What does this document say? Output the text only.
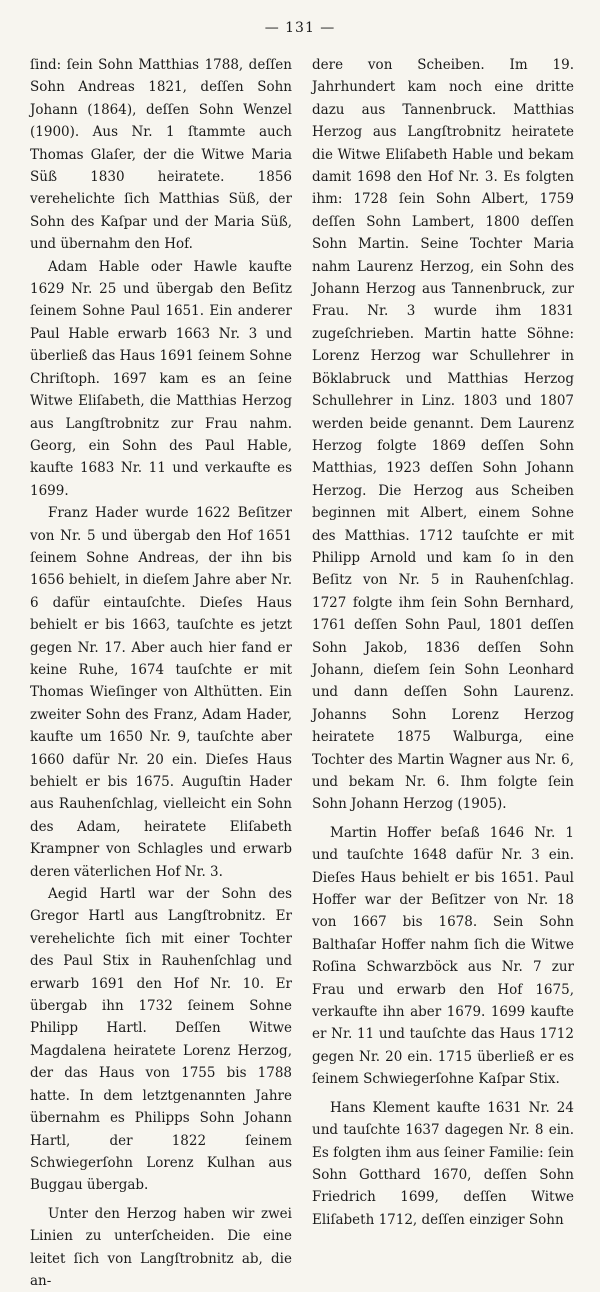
— 131 —

ſind: ſein Sohn Matthias 1788, deſſen Sohn Andreas 1821, deſſen Sohn Johann (1864), deſſen Sohn Wenzel (1900). Aus Nr. 1 ſtammte auch Thomas Glaſer, der die Witwe Maria Süß 1830 heiratete. 1856 verehelichte ſich Matthias Süß, der Sohn des Kaſpar und der Maria Süß, und übernahm den Hof.

Adam Hable oder Hawle kaufte 1629 Nr. 25 und übergab den Beſitz ſeinem Sohne Paul 1651. Ein anderer Paul Hable erwarb 1663 Nr. 3 und überließ das Haus 1691 ſeinem Sohne Chriſtoph. 1697 kam es an ſeine Witwe Eliſabeth, die Matthias Herzog aus Langſtrobnitz zur Frau nahm. Georg, ein Sohn des Paul Hable, kaufte 1683 Nr. 11 und verkaufte es 1699.

Franz Hader wurde 1622 Beſitzer von Nr. 5 und übergab den Hof 1651 ſeinem Sohne Andreas, der ihn bis 1656 behielt, in dieſem Jahre aber Nr. 6 dafür eintauſchte. Dieſes Haus behielt er bis 1663, tauſchte es jetzt gegen Nr. 17. Aber auch hier fand er keine Ruhe, 1674 tauſchte er mit Thomas Wieſinger von Althütten. Ein zweiter Sohn des Franz, Adam Hader, kaufte um 1650 Nr. 9, tauſchte aber 1660 dafür Nr. 20 ein. Dieſes Haus behielt er bis 1675. Auguſtin Hader aus Rauhenſchlag, vielleicht ein Sohn des Adam, heiratete Eliſabeth Krampner von Schlagles und erwarb deren väterlichen Hof Nr. 3.

Aegid Hartl war der Sohn des Gregor Hartl aus Langſtrobnitz. Er verehelichte ſich mit einer Tochter des Paul Stix in Rauhenſchlag und erwarb 1691 den Hof Nr. 10. Er übergab ihn 1732 ſeinem Sohne Philipp Hartl. Deſſen Witwe Magdalena heiratete Lorenz Herzog, der das Haus von 1755 bis 1788 hatte. In dem letztgenannten Jahre übernahm es Philipps Sohn Johann Hartl, der 1822 ſeinem Schwiegerſohn Lorenz Kulhan aus Buggau übergab.

Unter den Herzog haben wir zwei Linien zu unterſcheiden. Die eine leitet ſich von Langſtrobnitz ab, die an-

dere von Scheiben. Im 19. Jahrhundert kam noch eine dritte dazu aus Tannenbruck. Matthias Herzog aus Langſtrobnitz heiratete die Witwe Eliſabeth Hable und bekam damit 1698 den Hof Nr. 3. Es folgten ihm: 1728 ſein Sohn Albert, 1759 deſſen Sohn Lambert, 1800 deſſen Sohn Martin. Seine Tochter Maria nahm Laurenz Herzog, ein Sohn des Johann Herzog aus Tannenbruck, zur Frau. Nr. 3 wurde ihm 1831 zugeſchrieben. Martin hatte Söhne: Lorenz Herzog war Schullehrer in Böklabruck und Matthias Herzog Schullehrer in Linz. 1803 und 1807 werden beide genannt. Dem Laurenz Herzog folgte 1869 deſſen Sohn Matthias, 1923 deſſen Sohn Johann Herzog. Die Herzog aus Scheiben beginnen mit Albert, einem Sohne des Matthias. 1712 tauſchte er mit Philipp Arnold und kam ſo in den Beſitz von Nr. 5 in Rauhenſchlag. 1727 folgte ihm ſein Sohn Bernhard, 1761 deſſen Sohn Paul, 1801 deſſen Sohn Jakob, 1836 deſſen Sohn Johann, dieſem ſein Sohn Leonhard und dann deſſen Sohn Laurenz. Johanns Sohn Lorenz Herzog heiratete 1875 Walburga, eine Tochter des Martin Wagner aus Nr. 6, und bekam Nr. 6. Ihm folgte ſein Sohn Johann Herzog (1905).

Martin Hoffer beſaß 1646 Nr. 1 und tauſchte 1648 dafür Nr. 3 ein. Dieſes Haus behielt er bis 1651. Paul Hoffer war der Beſitzer von Nr. 18 von 1667 bis 1678. Sein Sohn Balthaſar Hoffer nahm ſich die Witwe Roſina Schwarzböck aus Nr. 7 zur Frau und erwarb den Hof 1675, verkaufte ihn aber 1679. 1699 kaufte er Nr. 11 und tauſchte das Haus 1712 gegen Nr. 20 ein. 1715 überließ er es ſeinem Schwiegerſohne Kaſpar Stix.

Hans Klement kaufte 1631 Nr. 24 und tauſchte 1637 dagegen Nr. 8 ein. Es folgten ihm aus ſeiner Familie: ſein Sohn Gotthard 1670, deſſen Sohn Friedrich 1699, deſſen Witwe Eliſabeth 1712, deſſen einziger Sohn
